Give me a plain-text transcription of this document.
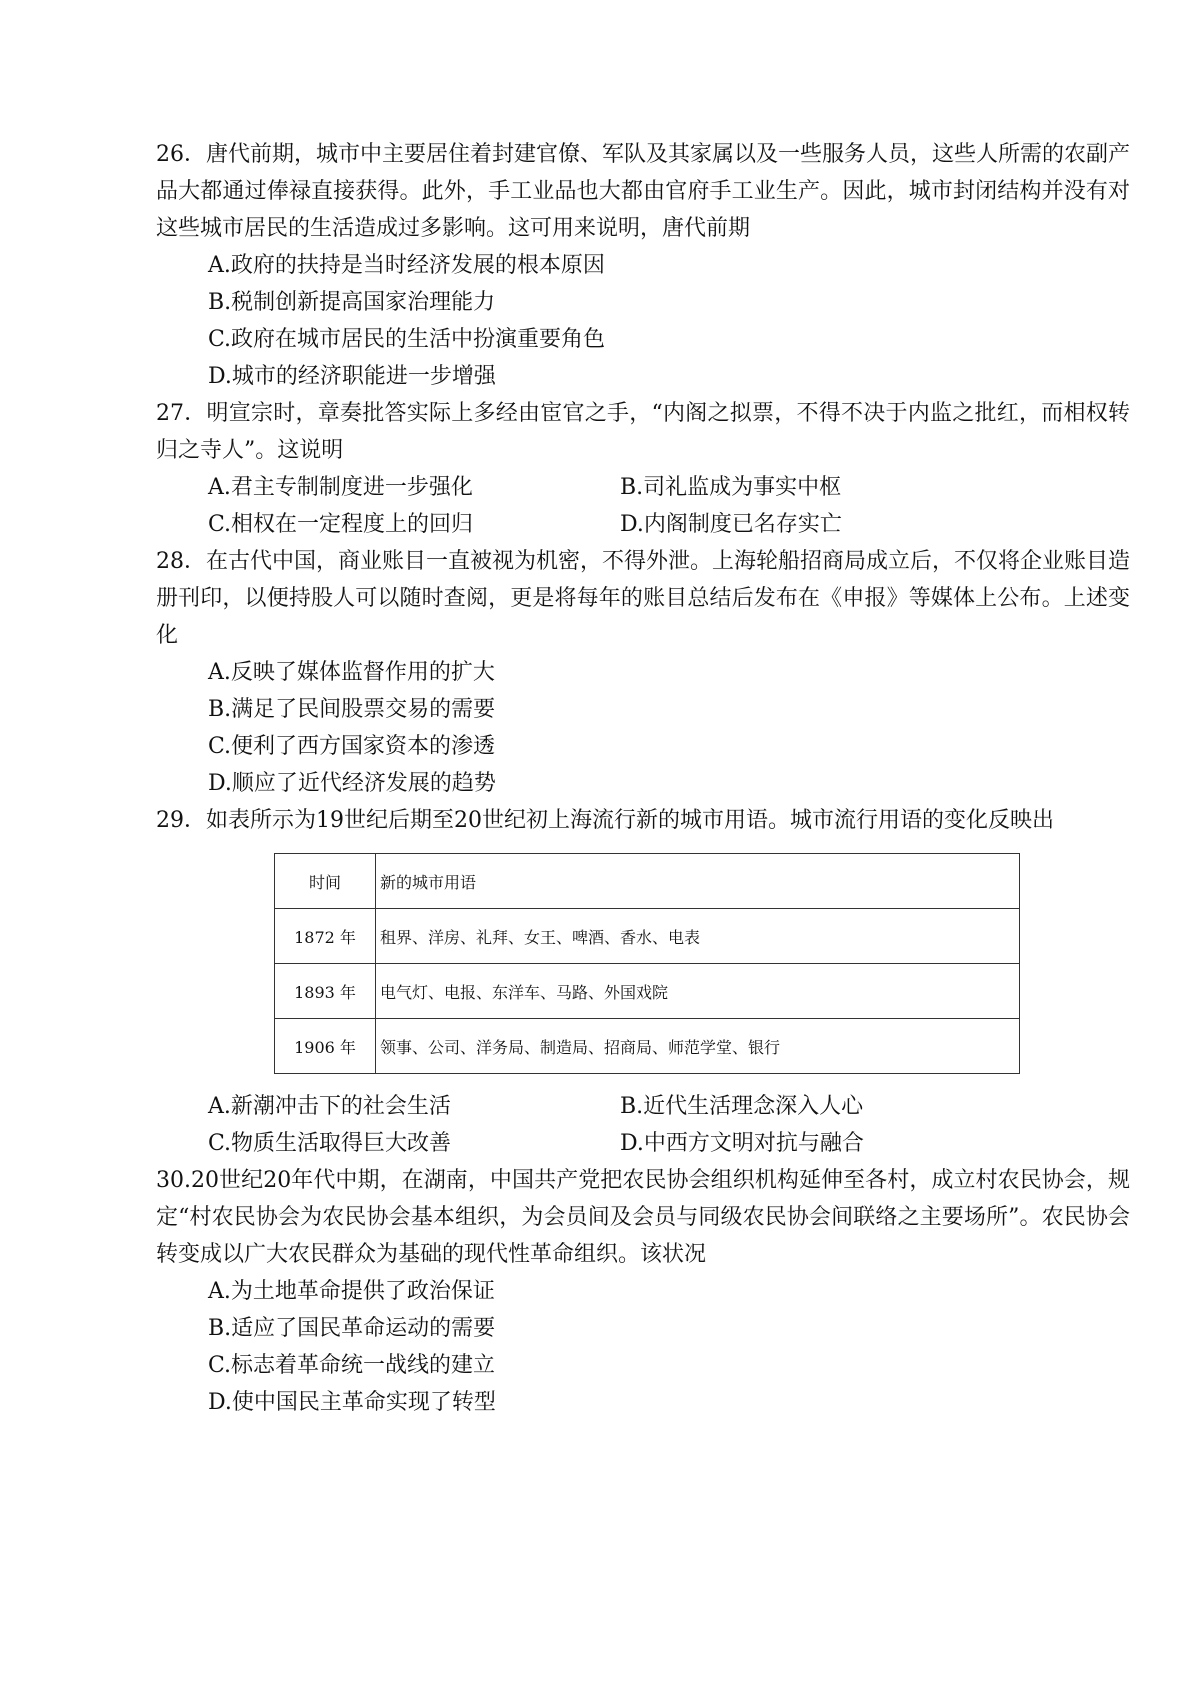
26．唐代前期，城市中主要居住着封建官僚、军队及其家属以及一些服务人员，这些人所需的农副产品大都通过俸禄直接获得。此外，手工业品也大都由官府手工业生产。因此，城市封闭结构并没有对这些城市居民的生活造成过多影响。这可用来说明，唐代前期

A.政府的扶持是当时经济发展的根本原因
B.税制创新提高国家治理能力
C.政府在城市居民的生活中扮演重要角色
D.城市的经济职能进一步增强

27．明宣宗时，章奏批答实际上多经由宦官之手，“内阁之拟票，不得不决于内监之批红，而相权转归之寺人”。这说明

A.君主专制制度进一步强化	B.司礼监成为事实中枢
C.相权在一定程度上的回归	D.内阁制度已名存实亡

28．在古代中国，商业账目一直被视为机密，不得外泄。上海轮船招商局成立后，不仅将企业账目造册刊印，以便持股人可以随时查阅，更是将每年的账目总结后发布在《申报》等媒体上公布。上述变化

A.反映了媒体监督作用的扩大
B.满足了民间股票交易的需要
C.便利了西方国家资本的渗透
D.顺应了近代经济发展的趋势

29．如表所示为19世纪后期至20世纪初上海流行新的城市用语。城市流行用语的变化反映出

时间	新的城市用语
1872 年	租界、洋房、礼拜、女王、啤酒、香水、电表
1893 年	电气灯、电报、东洋车、马路、外国戏院
1906 年	领事、公司、洋务局、制造局、招商局、师范学堂、银行
A.新潮冲击下的社会生活	B.近代生活理念深入人心
C.物质生活取得巨大改善	D.中西方文明对抗与融合

30.20世纪20年代中期，在湖南，中国共产党把农民协会组织机构延伸至各村，成立村农民协会，规定“村农民协会为农民协会基本组织，为会员间及会员与同级农民协会间联络之主要场所”。农民协会转变成以广大农民群众为基础的现代性革命组织。该状况

A.为土地革命提供了政治保证
B.适应了国民革命运动的需要
C.标志着革命统一战线的建立
D.使中国民主革命实现了转型
